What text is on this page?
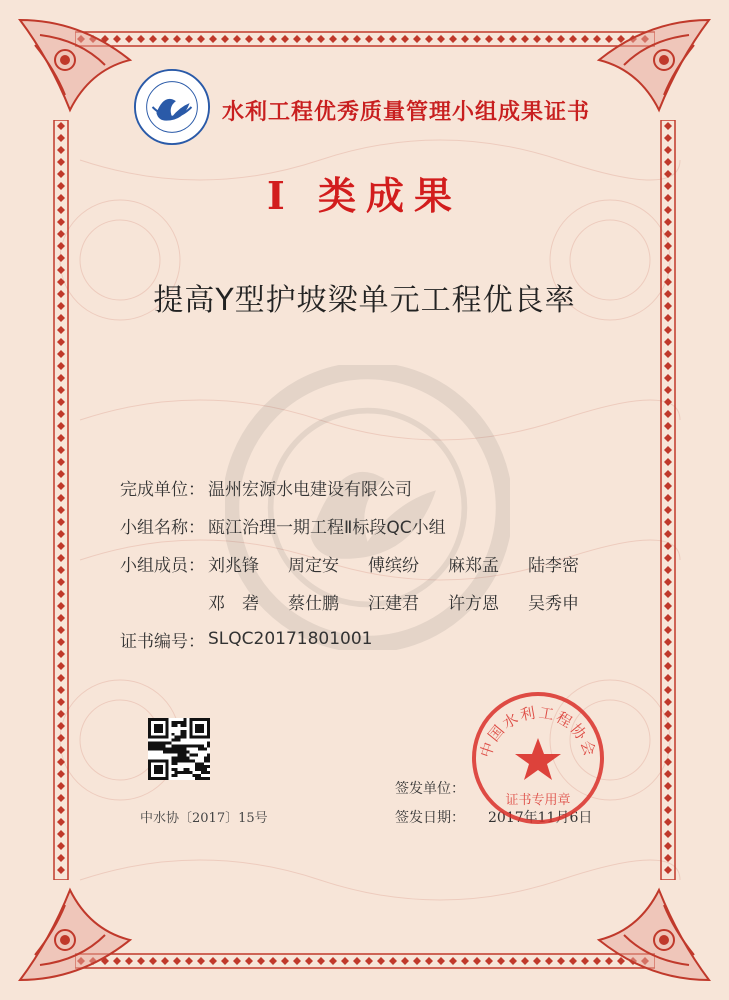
水利工程优秀质量管理小组成果证书
I 类成果
提高Y型护坡梁单元工程优良率
完成单位： 温州宏源水电建设有限公司
小组名称： 瓯江治理一期工程Ⅱ标段QC小组
小组成员： 刘兆锋	周定安	傅缤纷	麻郑孟	陆李密
邓　砻	蔡仕鹏	江建君	许方恩	吴秀申
证书编号： SLQC20171801001
中水协〔2017〕15号
签发单位：
签发日期： 2017年11月6日
中国水利工程协会
证书专用章
